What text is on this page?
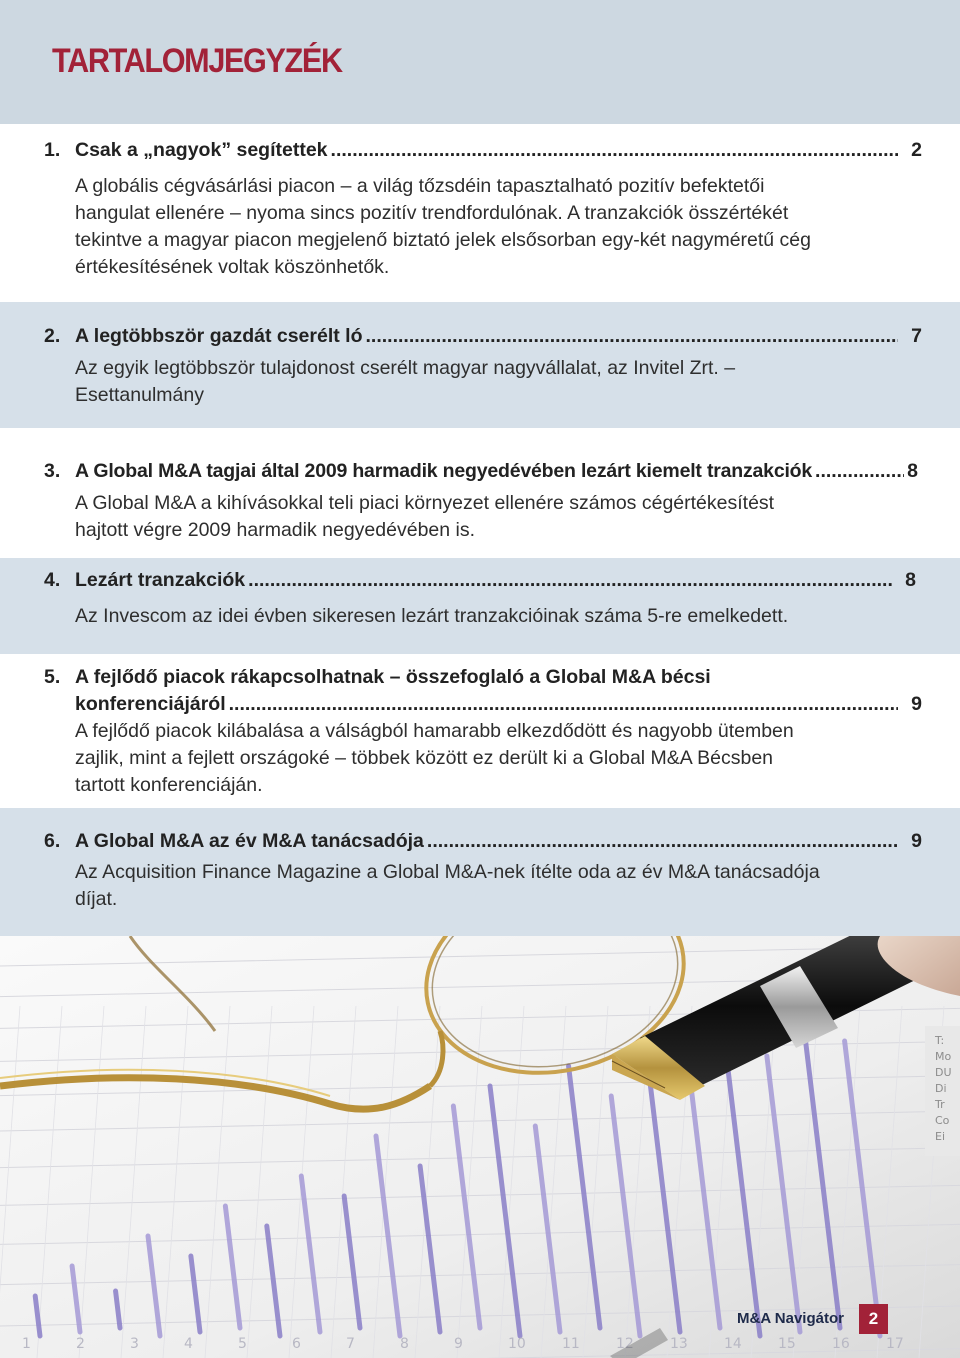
TARTALOMJEGYZÉK
1. Csak a „nagyok” segítettek .....	2
A globális cégvásárlási piacon – a világ tőzsdéin tapasztalható pozitív befektetői
hangulat ellenére – nyoma sincs pozitív trendfordulónak. A tranzakciók összértékét
tekintve a magyar piacon megjelenő biztató jelek elsősorban egy-két nagyméretű cég
értékesítésének voltak köszönhetők.
2. A legtöbbször gazdát cserélt ló .....	7
Az egyik legtöbbször tulajdonost cserélt magyar nagyvállalat, az Invitel Zrt. –
Esettanulmány
3. A Global M&A tagjai által 2009 harmadik negyedévében lezárt kiemelt tranzakciók .....	8
A Global M&A a kihívásokkal teli piaci környezet ellenére számos cégértékesítést
hajtott végre 2009 harmadik negyedévében is.
4. Lezárt tranzakciók .....	8
Az Invescom az idei évben sikeresen lezárt tranzakcióinak száma 5-re emelkedett.
5. A fejlődő piacok rákapcsolhatnak – összefoglaló a Global M&A bécsi
konferenciájáról .....	9
A fejlődő piacok kilábalása a válságból hamarabb elkezdődött és nagyobb ütemben
zajlik, mint a fejlett országoké – többek között ez derült ki a Global M&A Bécsben
tartott konferenciáján.
6. A Global M&A az év M&A tanácsadója .....	9
Az Acquisition Finance Magazine a Global M&A-nek ítélte oda az év M&A tanácsadója
díjat.
1	2	3	4	5	6	7	8	9	10	11	12	13	14	15	16	17
T:
Mo
DU
Di
Tr
Co
Ei
M&A Navigátor	2
